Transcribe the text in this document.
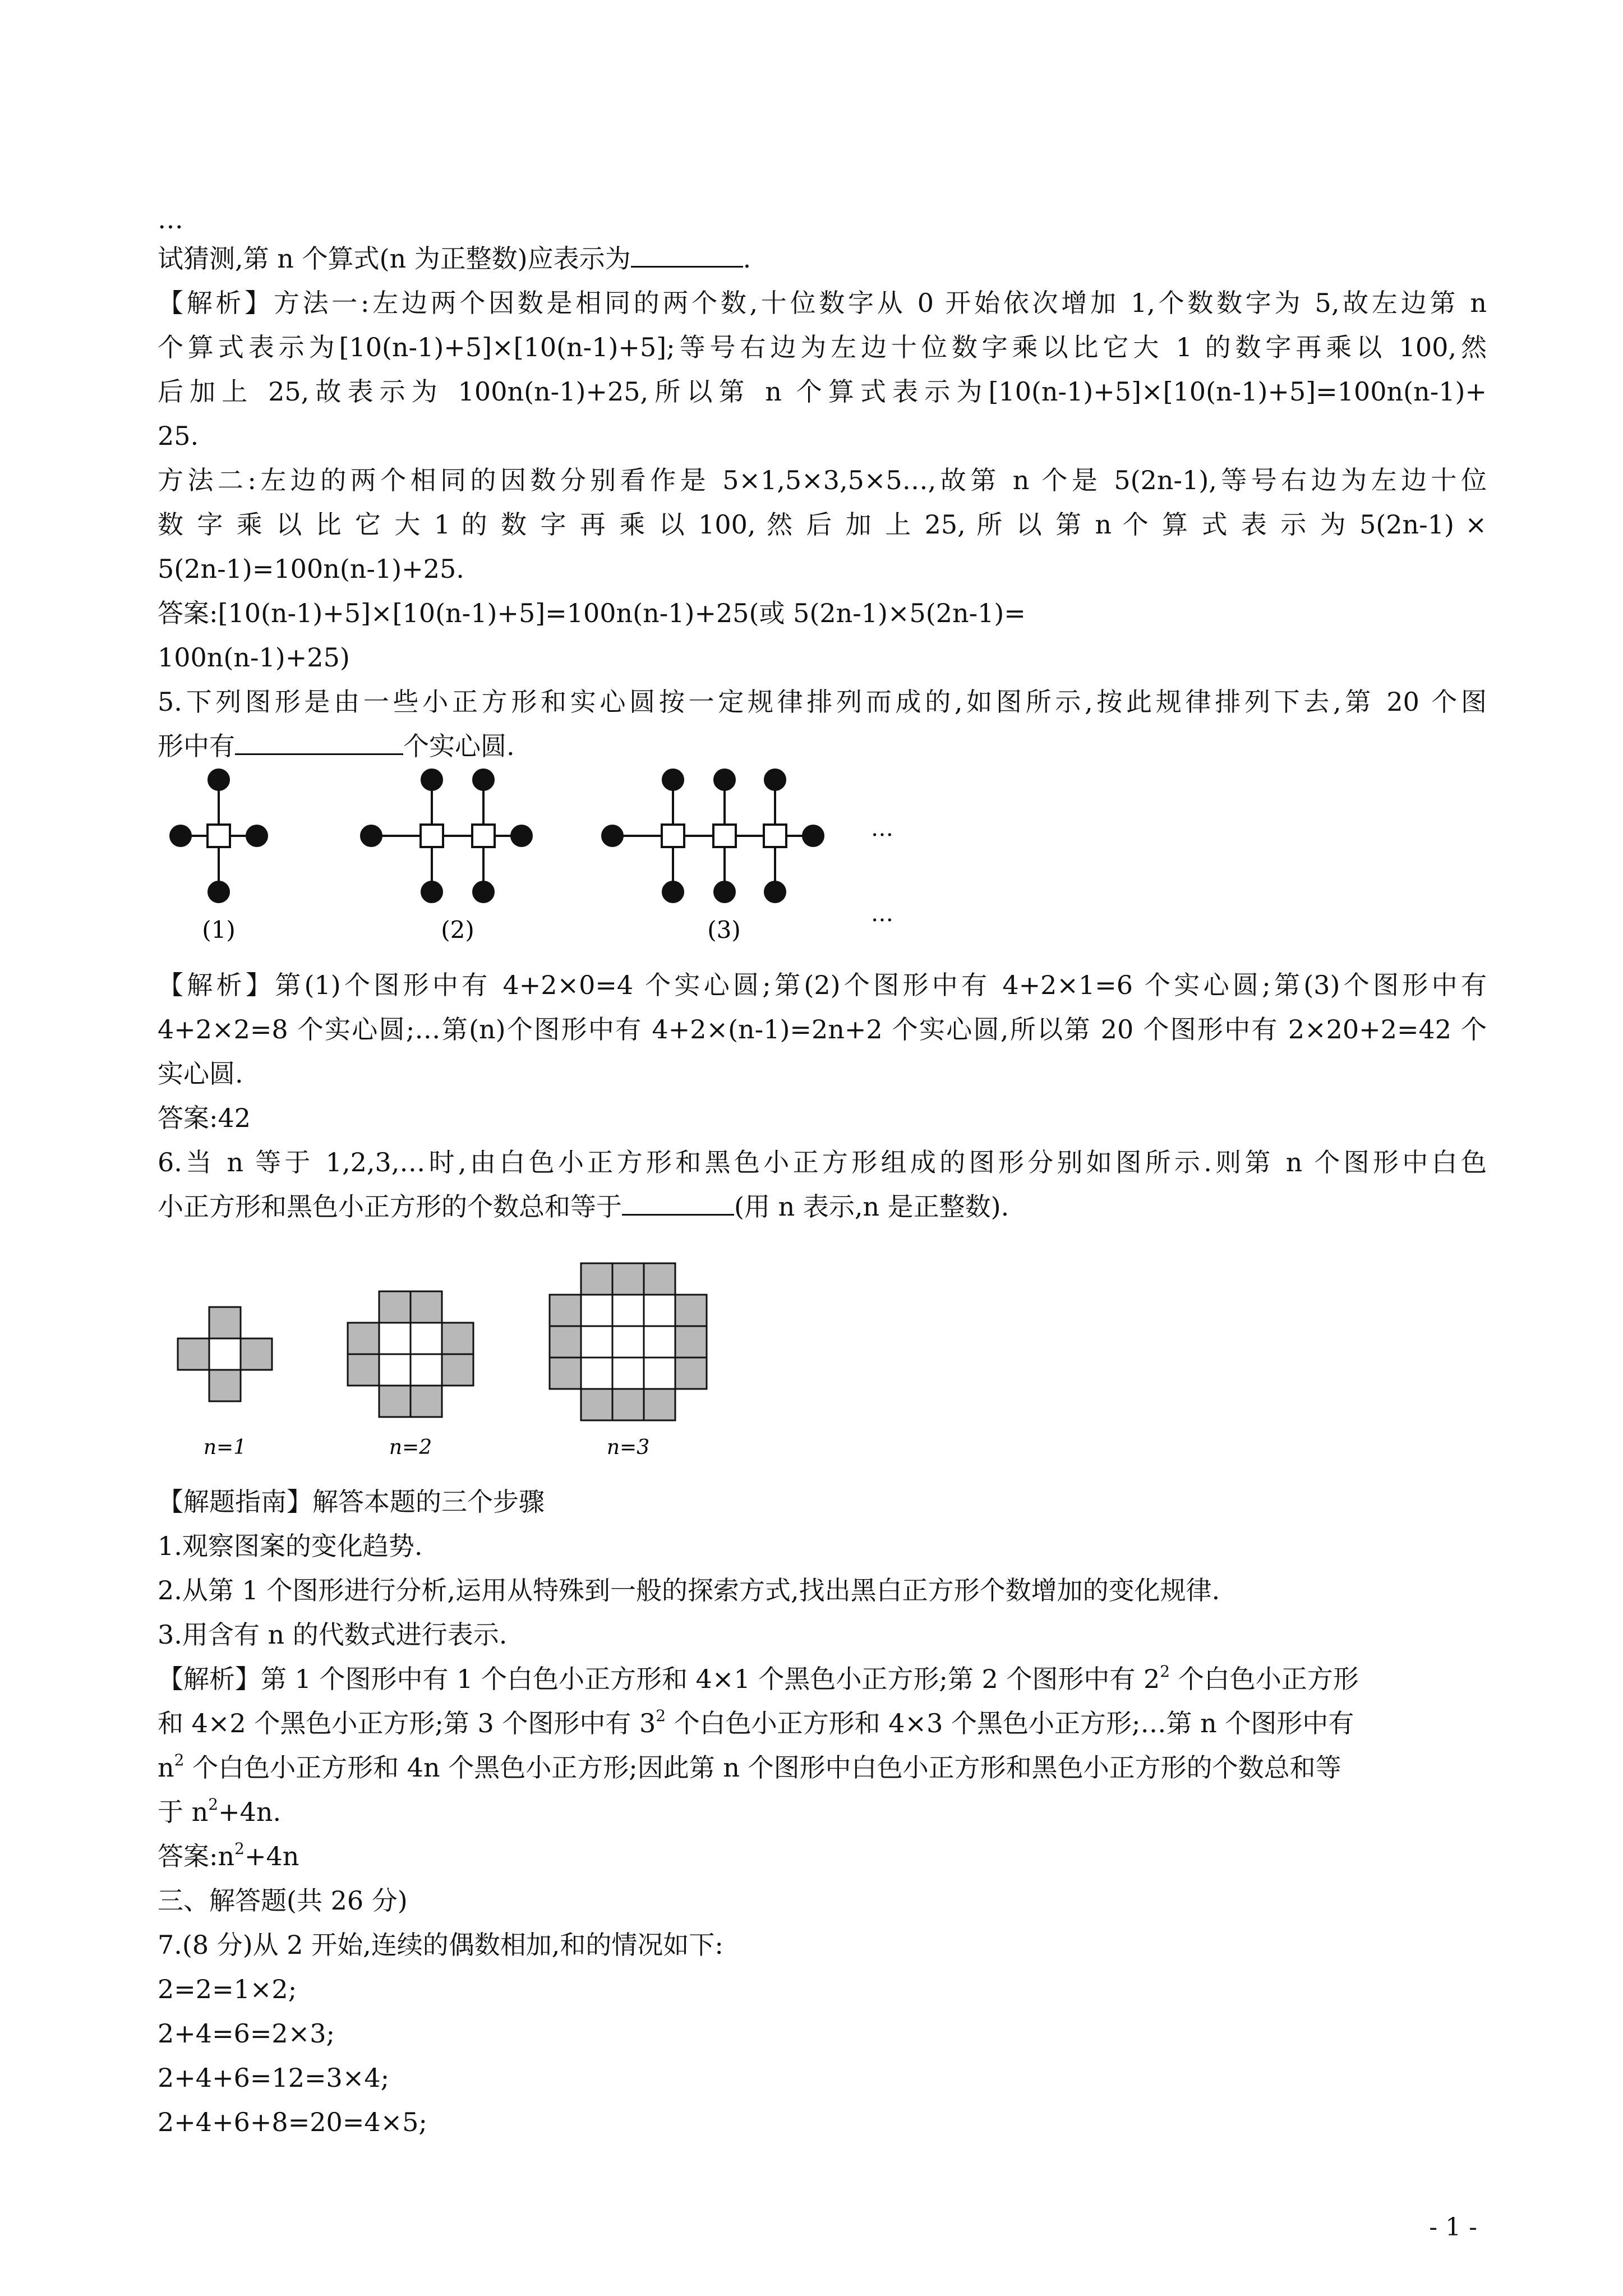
…
试猜测,第 n 个算式(n 为正整数)应表示为	.
【解析】方法一:左边两个因数是相同的两个数,十位数字从 0 开始依次增加 1,个数数字为 5,故左边第 n
个算式表示为[10(n-1)+5]×[10(n-1)+5];等号右边为左边十位数字乘以比它大 1 的数字再乘以 100,然
后加上 25,故表示为 100n(n-1)+25,所以第 n 个算式表示为[10(n-1)+5]×[10(n-1)+5]=100n(n-1)+
25.
方法二:左边的两个相同的因数分别看作是 5×1,5×3,5×5…,故第 n 个是 5(2n-1),等号右边为左边十位
数 字 乘 以 比 它 大 1 的 数 字 再 乘 以 100, 然 后 加 上 25, 所 以 第 n 个 算 式 表 示 为 5(2n-1) ×
5(2n-1)=100n(n-1)+25.
答案:[10(n-1)+5]×[10(n-1)+5]=100n(n-1)+25(或 5(2n-1)×5(2n-1)=
100n(n-1)+25)
5.下列图形是由一些小正方形和实心圆按一定规律排列而成的,如图所示,按此规律排列下去,第 20 个图
形中有	个实心圆.
…
…
(1)	(2)	(3)
【解析】第(1)个图形中有 4+2×0=4 个实心圆;第(2)个图形中有 4+2×1=6 个实心圆;第(3)个图形中有
4+2×2=8 个实心圆;…第(n)个图形中有 4+2×(n-1)=2n+2 个实心圆,所以第 20 个图形中有 2×20+2=42 个
实心圆.
答案:42
6.当 n 等于 1,2,3,…时,由白色小正方形和黑色小正方形组成的图形分别如图所示.则第 n 个图形中白色
小正方形和黑色小正方形的个数总和等于	(用 n 表示,n 是正整数).
n=1	n=2	n=3
【解题指南】解答本题的三个步骤
1.观察图案的变化趋势.
2.从第 1 个图形进行分析,运用从特殊到一般的探索方式,找出黑白正方形个数增加的变化规律.
3.用含有 n 的代数式进行表示.
【解析】第 1 个图形中有 1 个白色小正方形和 4×1 个黑色小正方形;第 2 个图形中有 $2^2$ 个白色小正方形
和 4×2 个黑色小正方形;第 3 个图形中有 $3^2$ 个白色小正方形和 4×3 个黑色小正方形;…第 n 个图形中有
$n^2$ 个白色小正方形和 4n 个黑色小正方形;因此第 n 个图形中白色小正方形和黑色小正方形的个数总和等
于 $n^2+4n$.
答案$:n^2+4n$
三、解答题(共 26 分)
7.(8 分)从 2 开始,连续的偶数相加,和的情况如下:
2=2=1×2;
2+4=6=2×3;
2+4+6=12=3×4;
2+4+6+8=20=4×5;
- 1 -
